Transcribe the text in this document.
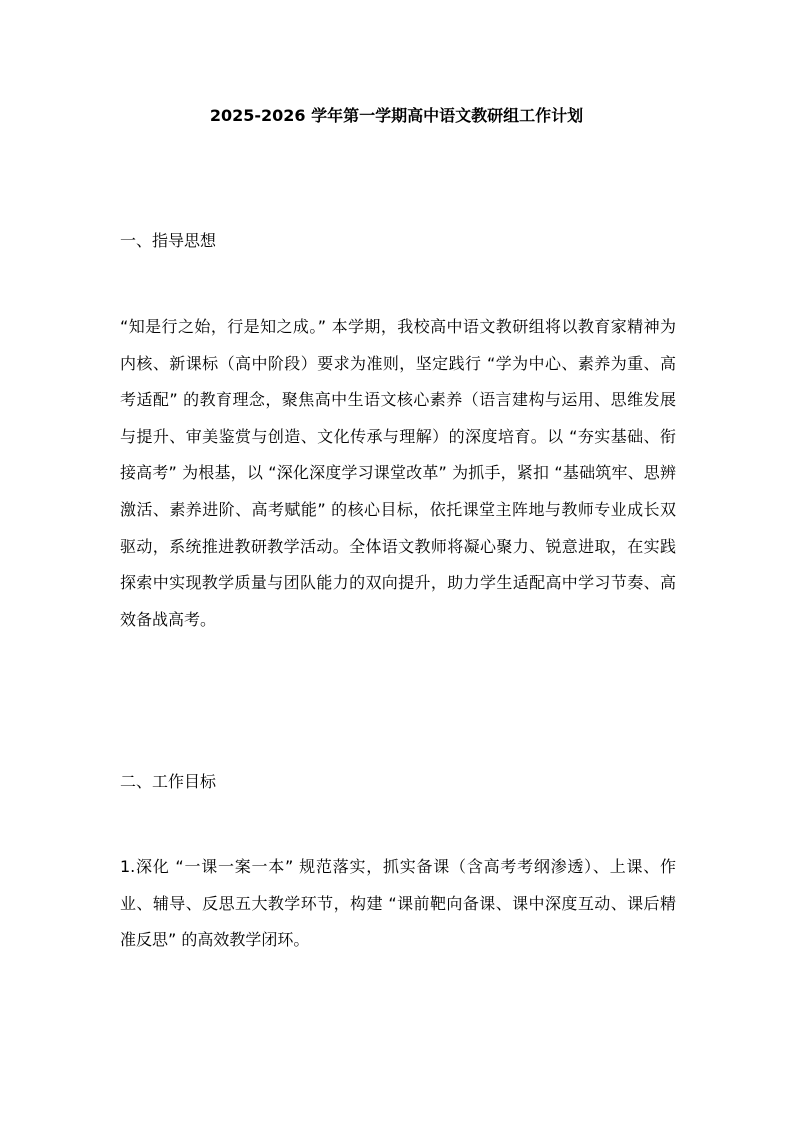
2025-2026 学年第一学期高中语文教研组工作计划
一、指导思想

“知是行之始，行是知之成。” 本学期，我校高中语文教研组将以教育家精神为内核、新课标（高中阶段）要求为准则，坚定践行 “学为中心、素养为重、高考适配” 的教育理念，聚焦高中生语文核心素养（语言建构与运用、思维发展与提升、审美鉴赏与创造、文化传承与理解）的深度培育。以 “夯实基础、衔接高考” 为根基，以 “深化深度学习课堂改革” 为抓手，紧扣 “基础筑牢、思辨激活、素养进阶、高考赋能” 的核心目标，依托课堂主阵地与教师专业成长双驱动，系统推进教研教学活动。全体语文教师将凝心聚力、锐意进取，在实践探索中实现教学质量与团队能力的双向提升，助力学生适配高中学习节奏、高效备战高考。

二、工作目标

1.深化 “一课一案一本” 规范落实，抓实备课（含高考考纲渗透）、上课、作业、辅导、反思五大教学环节，构建 “课前靶向备课、课中深度互动、课后精准反思” 的高效教学闭环。
